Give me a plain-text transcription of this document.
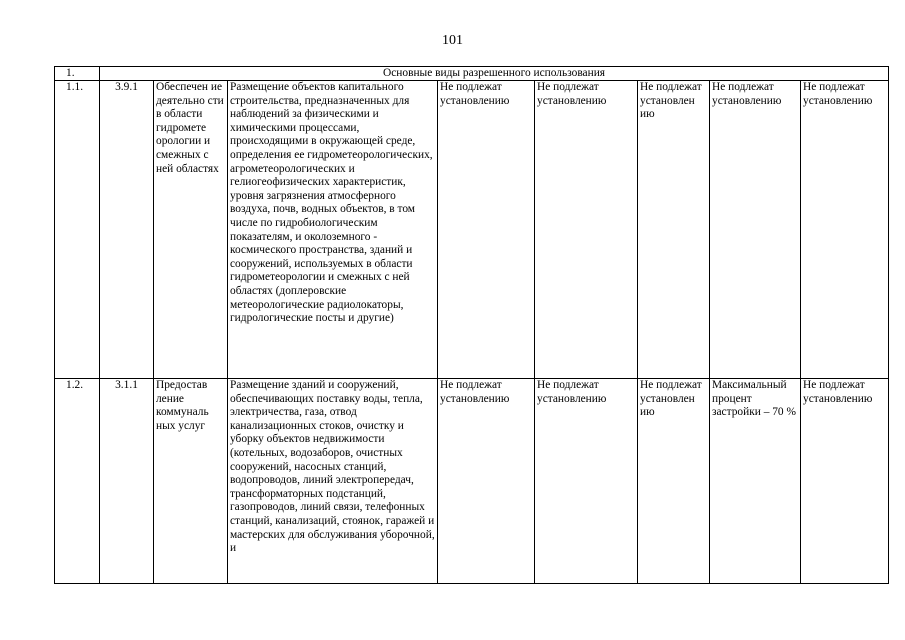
101
1.	Основные виды разрешенного использования							
1.1.	3.9.1	Обеспечен ие деятельно сти в области гидромете орологии и смежных с ней областях	Размещение объектов капитального строительства, предназначенных для наблюдений за физическими и химическими процессами, происходящими в окружающей среде, определения ее гидрометеорологических, агрометеорологических и гелиогеофизических характеристик, уровня загрязнения атмосферного воздуха, почв, водных объектов, в том числе по гидробиологическим показателям, и околоземного - космического пространства, зданий и сооружений, используемых в области гидрометеорологии и смежных с ней областях (доплеровские метеорологические радиолокаторы, гидрологические посты и другие)	Не подлежат установлению	Не подлежат установлению	Не подлежат установлен ию	Не подлежат установлению	Не подлежат установлению
1.2.	3.1.1	Предостав ление коммуналь ных услуг	Размещение зданий и сооружений, обеспечивающих поставку воды, тепла, электричества, газа, отвод канализационных стоков, очистку и уборку объектов недвижимости (котельных, водозаборов, очистных сооружений, насосных станций, водопроводов, линий электропередач, трансформаторных подстанций, газопроводов, линий связи, телефонных станций, канализаций, стоянок, гаражей и мастерских для обслуживания уборочной, и	Не подлежат установлению	Не подлежат установлению	Не подлежат установлен ию	Максимальный процент застройки – 70 %	Не подлежат установлению
